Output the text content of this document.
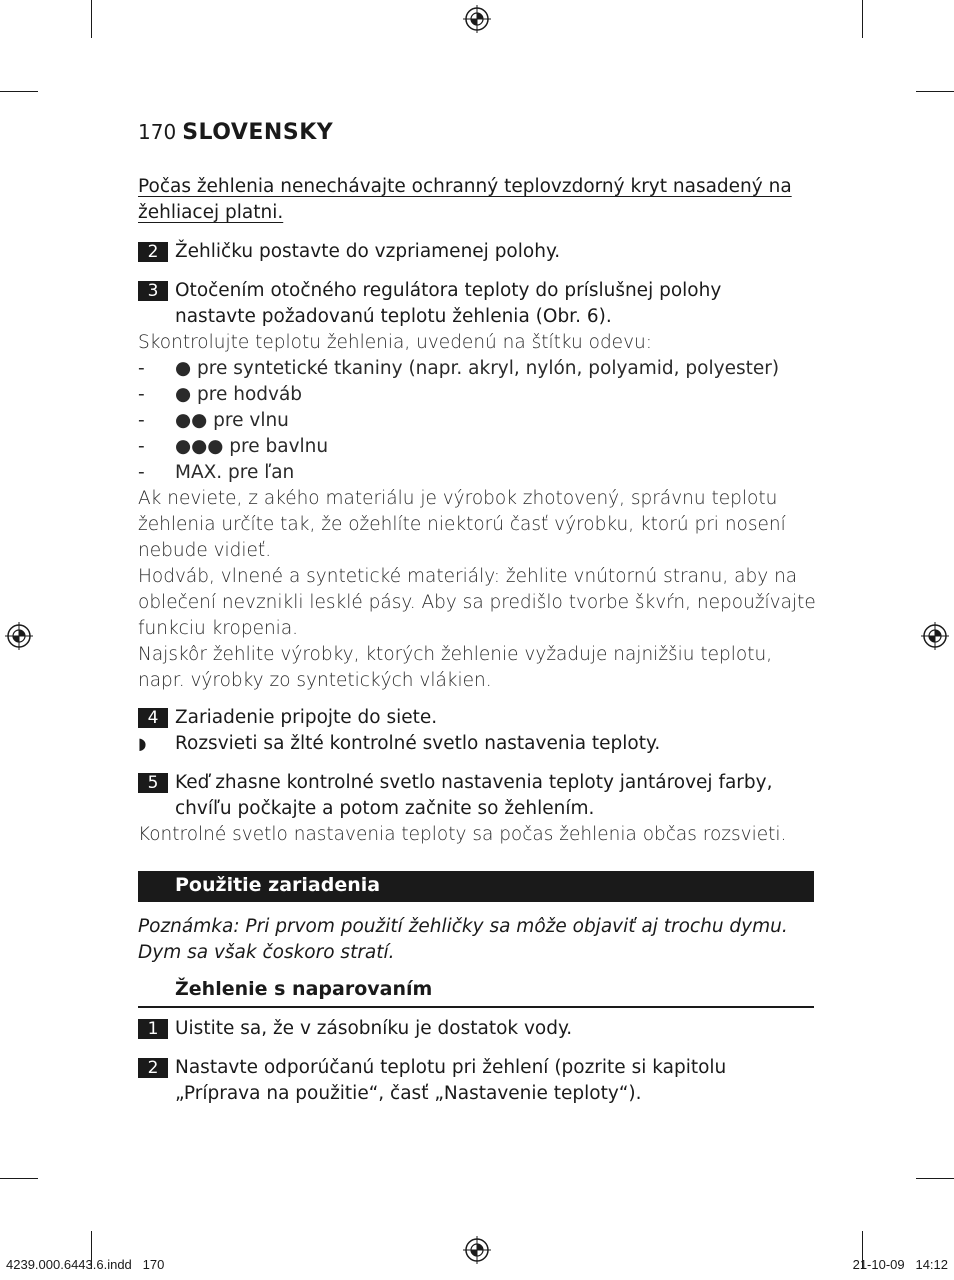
170 SLOVENSKY
Počas žehlenia nenechávajte ochranný teplovzdorný kryt nasadený na žehliacej platni.
2 Žehličku postavte do vzpriamenej polohy.
3 Otočením otočného regulátora teploty do príslušnej polohy nastavte požadovanú teplotu žehlenia (Obr. 6).
Skontrolujte teplotu žehlenia, uvedenú na štítku odevu:
- ● pre syntetické tkaniny (napr. akryl, nylón, polyamid, polyester)
- ● pre hodváb
- ●● pre vlnu
- ●●● pre bavlnu
- MAX. pre ľan
Ak neviete, z akého materiálu je výrobok zhotovený, správnu teplotu žehlenia určíte tak, že ožehlíte niektorú časť výrobku, ktorú pri nosení nebude vidieť.
Hodváb, vlnené a syntetické materiály: žehlite vnútornú stranu, aby na oblečení nevznikli lesklé pásy. Aby sa predišlo tvorbe škvŕn, nepoužívajte funkciu kropenia.
Najskôr žehlite výrobky, ktorých žehlenie vyžaduje najnižšiu teplotu, napr. výrobky zo syntetických vlákien.
4 Zariadenie pripojte do siete.
◗ Rozsvieti sa žlté kontrolné svetlo nastavenia teploty.
5 Keď zhasne kontrolné svetlo nastavenia teploty jantárovej farby, chvíľu počkajte a potom začnite so žehlením.
Kontrolné svetlo nastavenia teploty sa počas žehlenia občas rozsvieti.
Použitie zariadenia
Poznámka: Pri prvom použití žehličky sa môže objaviť aj trochu dymu. Dym sa však čoskoro stratí.
Žehlenie s naparovaním
1 Uistite sa, že v zásobníku je dostatok vody.
2 Nastavte odporúčanú teplotu pri žehlení (pozrite si kapitolu „Príprava na použitie“, časť „Nastavenie teploty“).
4239.000.6443.6.indd   170	21-10-09   14:12
